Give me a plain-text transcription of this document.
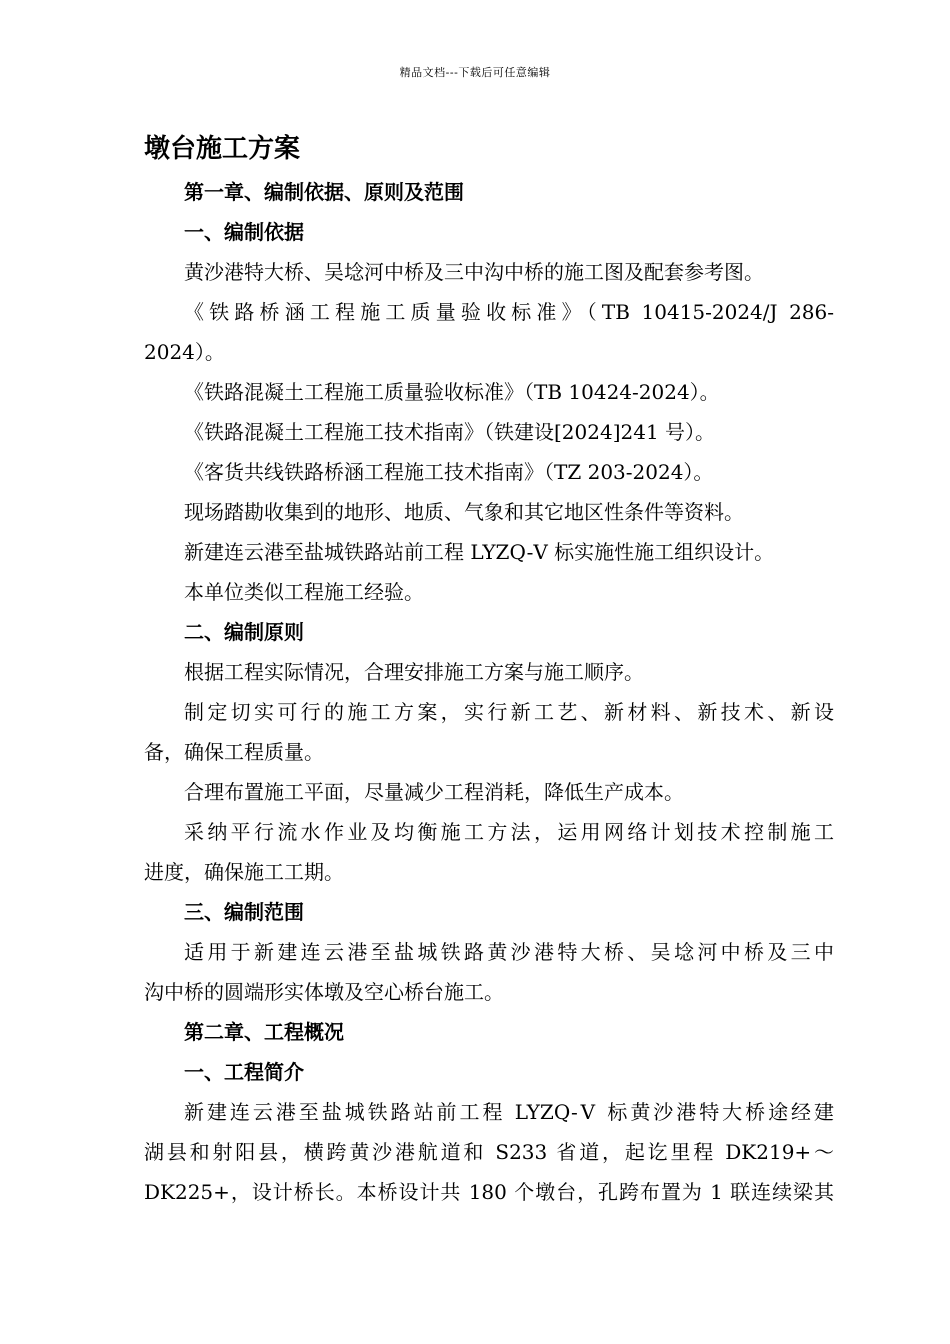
精品文档---下载后可任意编辑
墩台施工方案

第一章、编制依据、原则及范围

一、编制依据

黄沙港特大桥、吴埝河中桥及三中沟中桥的施工图及配套参考图。

《铁路桥涵工程施工质量验收标准》（TB 10415-2024/J 286-

2024）。

《铁路混凝土工程施工质量验收标准》（TB 10424-2024）。

《铁路混凝土工程施工技术指南》（铁建设[2024]241 号）。

《客货共线铁路桥涵工程施工技术指南》（TZ 203-2024）。

现场踏勘收集到的地形、地质、气象和其它地区性条件等资料。

新建连云港至盐城铁路站前工程 LYZQ-Ⅴ 标实施性施工组织设计。

本单位类似工程施工经验。

二、编制原则

根据工程实际情况，合理安排施工方案与施工顺序。

制定切实可行的施工方案，实行新工艺、新材料、新技术、新设

备，确保工程质量。

合理布置施工平面，尽量减少工程消耗，降低生产成本。

采纳平行流水作业及均衡施工方法，运用网络计划技术控制施工

进度，确保施工工期。

三、编制范围

适用于新建连云港至盐城铁路黄沙港特大桥、吴埝河中桥及三中

沟中桥的圆端形实体墩及空心桥台施工。

第二章、工程概况

一、工程简介

新建连云港至盐城铁路站前工程 LYZQ-Ⅴ 标黄沙港特大桥途经建

湖县和射阳县，横跨黄沙港航道和 S233 省道，起讫里程 DK219+～

DK225+，设计桥长。本桥设计共 180 个墩台，孔跨布置为 1 联连续梁其
